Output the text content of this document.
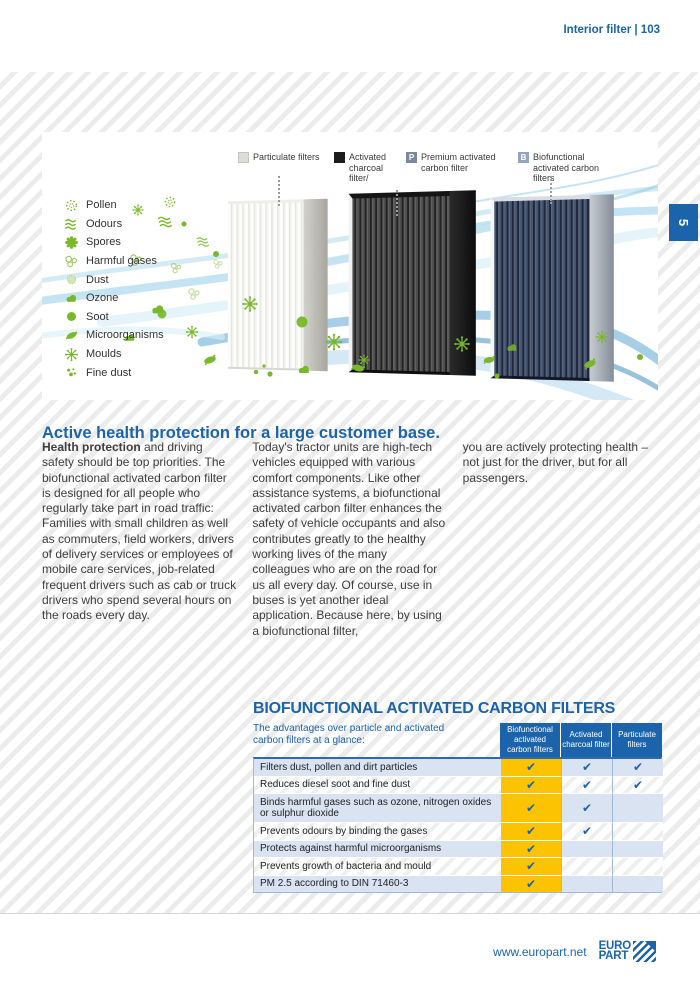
Interior filter | 103
5
Particulate filters	Activated charcoal filter/
P Premium activated carbon filter
B Biofunctional activated carbon filters
Pollen
Odours
Spores
Harmful gases
Dust
Ozone
Soot
Microorganisms
Moulds
Fine dust
Active health protection for a large customer base.

Health protection and driving safety should be top priorities. The biofunctional activated carbon filter is designed for all people who regularly take part in road traffic: Families with small children as well as commuters, field workers, drivers of delivery services or employees of mobile care services, job-related frequent drivers such as cab or truck drivers who spend several hours on the roads every day.

Today's tractor units are high-tech vehicles equipped with various comfort components. Like other assistance systems, a biofunctional activated carbon filter enhances the safety of vehicle occupants and also contributes greatly to the healthy working lives of the many colleagues who are on the road for us all every day. Of course, use in buses is yet another ideal application. Because here, by using a biofunctional filter,

you are actively protecting health – not just for the driver, but for all passengers.

BIOFUNCTIONAL ACTIVATED CARBON FILTERS
The advantages over particle and activated carbon filters at a glance:
Biofunctional activated carbon filters
Activated charcoal filter
Particulate filters
Filters dust, pollen and dirt particles	✔	✔	✔
Reduces diesel soot and fine dust	✔	✔	✔
Binds harmful gases such as ozone, nitrogen oxides or sulphur dioxide	✔	✔
Prevents odours by binding the gases	✔	✔
Protects against harmful microorganisms	✔
Prevents growth of bacteria and mould	✔
PM 2.5 according to DIN 71460-3	✔
www.europart.net EURO
PART
